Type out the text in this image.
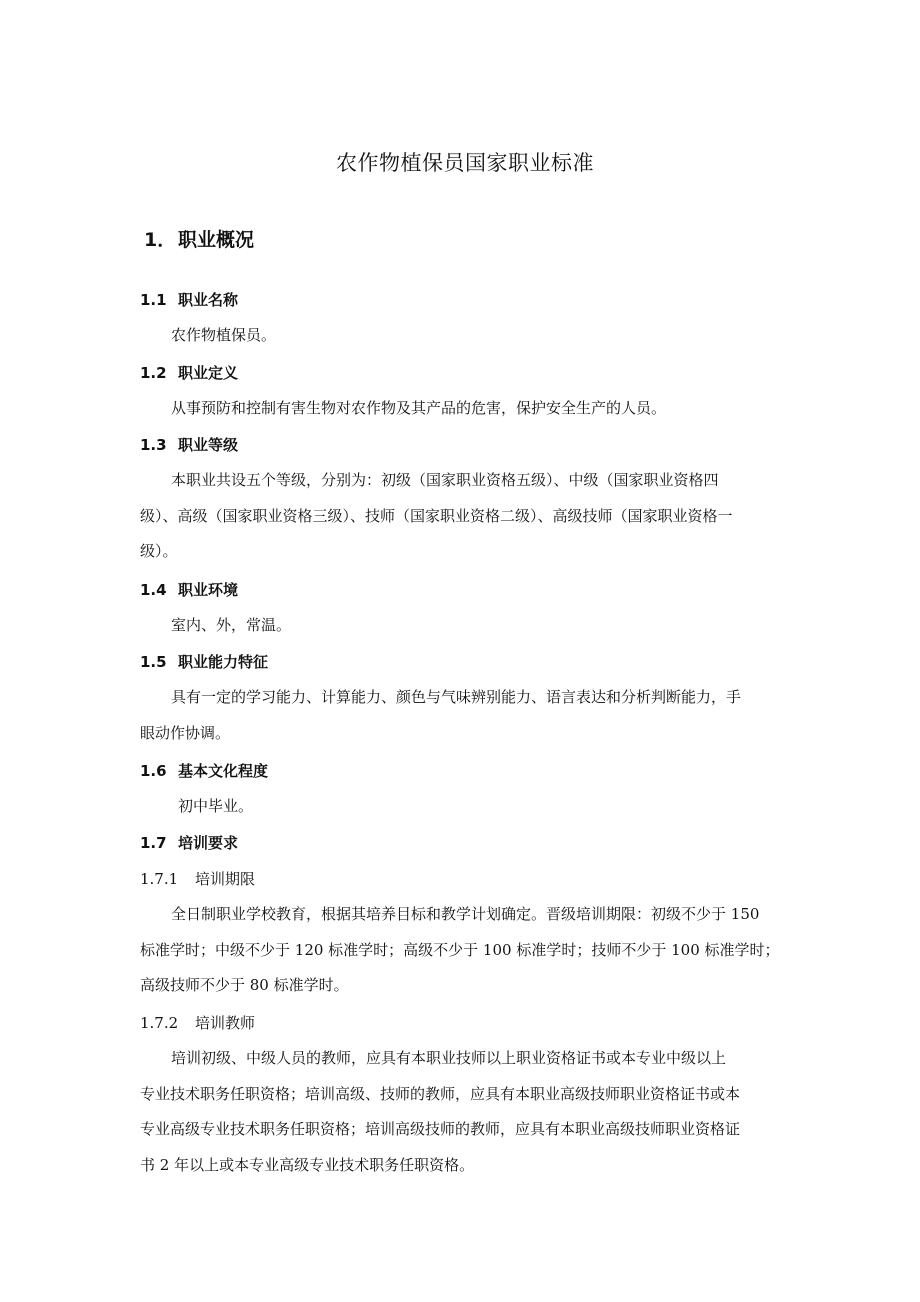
农作物植保员国家职业标准
1．职业概况
1.1 职业名称
农作物植保员。
1.2 职业定义
从事预防和控制有害生物对农作物及其产品的危害，保护安全生产的人员。
1.3 职业等级
本职业共设五个等级，分别为：初级（国家职业资格五级）、中级（国家职业资格四
级）、高级（国家职业资格三级）、技师（国家职业资格二级）、高级技师（国家职业资格一
级）。
1.4 职业环境
室内、外，常温。
1.5 职业能力特征
具有一定的学习能力、计算能力、颜色与气味辨别能力、语言表达和分析判断能力，手
眼动作协调。
1.6 基本文化程度
初中毕业。
1.7 培训要求
1.7.1 培训期限
全日制职业学校教育，根据其培养目标和教学计划确定。晋级培训期限：初级不少于 150
标准学时；中级不少于 120 标准学时；高级不少于 100 标准学时；技师不少于 100 标准学时；
高级技师不少于 80 标准学时。
1.7.2 培训教师
培训初级、中级人员的教师，应具有本职业技师以上职业资格证书或本专业中级以上
专业技术职务任职资格；培训高级、技师的教师，应具有本职业高级技师职业资格证书或本
专业高级专业技术职务任职资格；培训高级技师的教师，应具有本职业高级技师职业资格证
书 2 年以上或本专业高级专业技术职务任职资格。
